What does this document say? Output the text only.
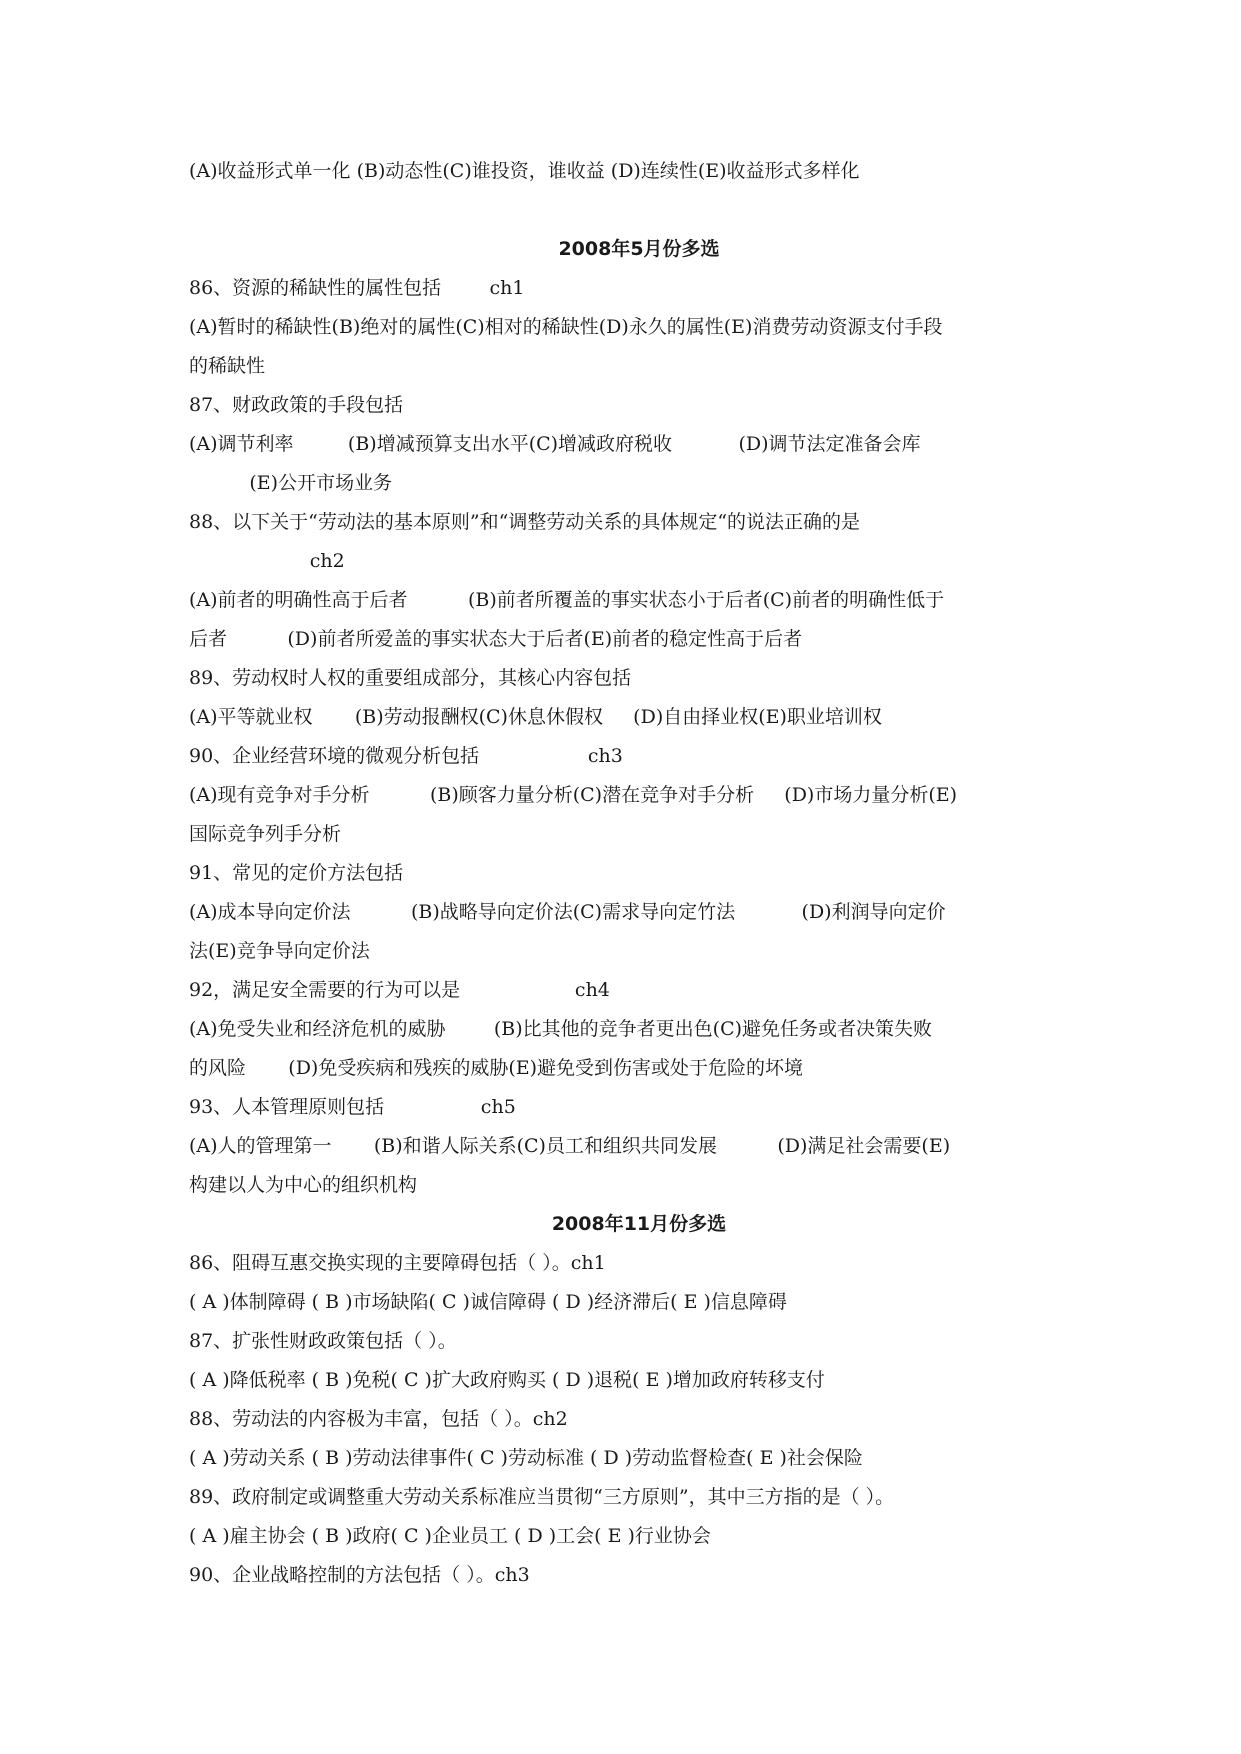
(A)收益形式单一化 (B)动态性(C)谁投资，谁收益 (D)连续性(E)收益形式多样化
2008年5月份多选
86、资源的稀缺性的属性包括        ch1
(A)暂时的稀缺性(B)绝对的属性(C)相对的稀缺性(D)永久的属性(E)消费劳动资源支付手段
的稀缺性
87、财政政策的手段包括
(A)调节利率         (B)增减预算支出水平(C)增减政府税收           (D)调节法定准备会库
(E)公开市场业务
88、以下关于“劳动法的基本原则”和“调整劳动关系的具体规定“的说法正确的是
ch2
(A)前者的明确性高于后者          (B)前者所覆盖的事实状态小于后者(C)前者的明确性低于
后者          (D)前者所爱盖的事实状态大于后者(E)前者的稳定性高于后者
89、劳动权时人权的重要组成部分，其核心内容包括
(A)平等就业权       (B)劳动报酬权(C)休息休假权     (D)自由择业权(E)职业培训权
90、企业经营环境的微观分析包括                  ch3
(A)现有竞争对手分析          (B)顾客力量分析(C)潜在竞争对手分析     (D)市场力量分析(E)
国际竞争列手分析
91、常见的定价方法包括
(A)成本导向定价法          (B)战略导向定价法(C)需求导向定竹法           (D)利润导向定价
法(E)竞争导向定价法
92，满足安全需要的行为可以是                   ch4
(A)免受失业和经济危机的威胁        (B)比其他的竞争者更出色(C)避免任务或者决策失败
的风险       (D)免受疾病和残疾的威胁(E)避免受到伤害或处于危险的坏境
93、人本管理原则包括                ch5
(A)人的管理第一       (B)和谐人际关系(C)员工和组织共同发展          (D)满足社会需要(E)
构建以人为中心的组织机构
2008年11月份多选
86、阻碍互惠交换实现的主要障碍包括（ ）。ch1
( A )体制障碍 ( B )市场缺陷( C )诚信障碍 ( D )经济滞后( E )信息障碍
87、扩张性财政政策包括（ ）。
( A )降低税率 ( B )免税( C )扩大政府购买 ( D )退税( E )增加政府转移支付
88、劳动法的内容极为丰富，包括（ ）。ch2
( A )劳动关系 ( B )劳动法律事件( C )劳动标准 ( D )劳动监督检查( E )社会保险
89、政府制定或调整重大劳动关系标准应当贯彻“三方原则”，其中三方指的是（ ）。
( A )雇主协会 ( B )政府( C )企业员工 ( D )工会( E )行业协会
90、企业战略控制的方法包括（ ）。ch3
